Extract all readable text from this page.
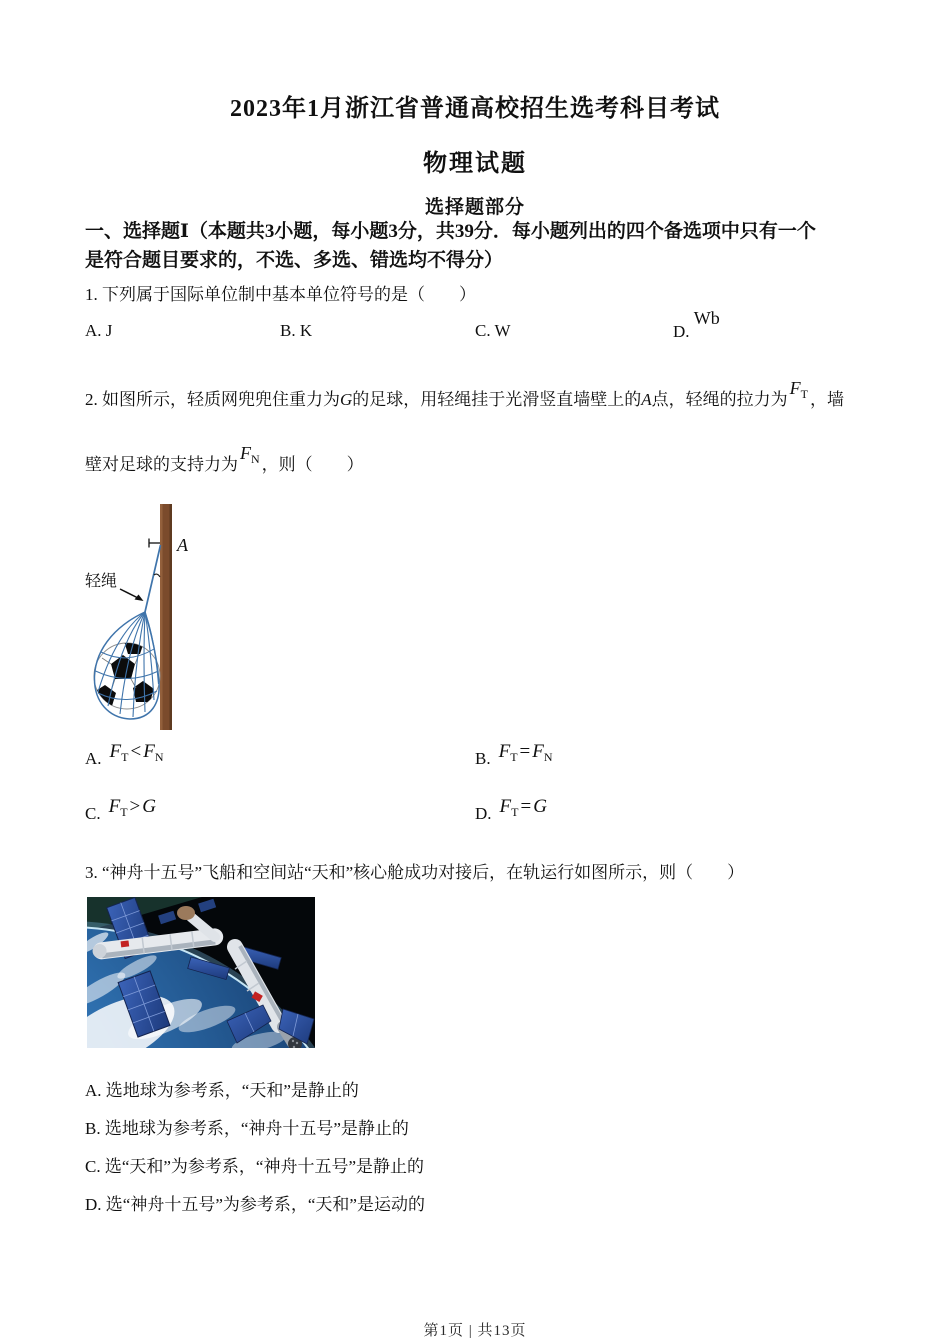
2023年1月浙江省普通高校招生选考科目考试
物理试题
选择题部分
一、选择题Ⅰ（本题共3小题，每小题3分，共39分．每小题列出的四个备选项中只有一个
是符合题目要求的，不选、多选、错选均不得分）
1. 下列属于国际单位制中基本单位符号的是（　　）
A. J	B. K	C. W	D. Wb
2. 如图所示，轻质网兜兜住重力为G的足球，用轻绳挂于光滑竖直墙壁上的A点，轻绳的拉力为$F_T$ ，墙
壁对足球的支持力为$F_N$ ，则（　　）
A
轻绳
A. $F_T < F_N$	B. $F_T = F_N$
C. $F_T > G$	D. $F_T = G$
3. “神舟十五号”飞船和空间站“天和”核心舱成功对接后，在轨运行如图所示，则（　　）
A. 选地球为参考系，“天和”是静止的
B. 选地球为参考系，“神舟十五号”是静止的
C. 选“天和”为参考系，“神舟十五号”是静止的
D. 选“神舟十五号”为参考系，“天和”是运动的
第1页 | 共13页
